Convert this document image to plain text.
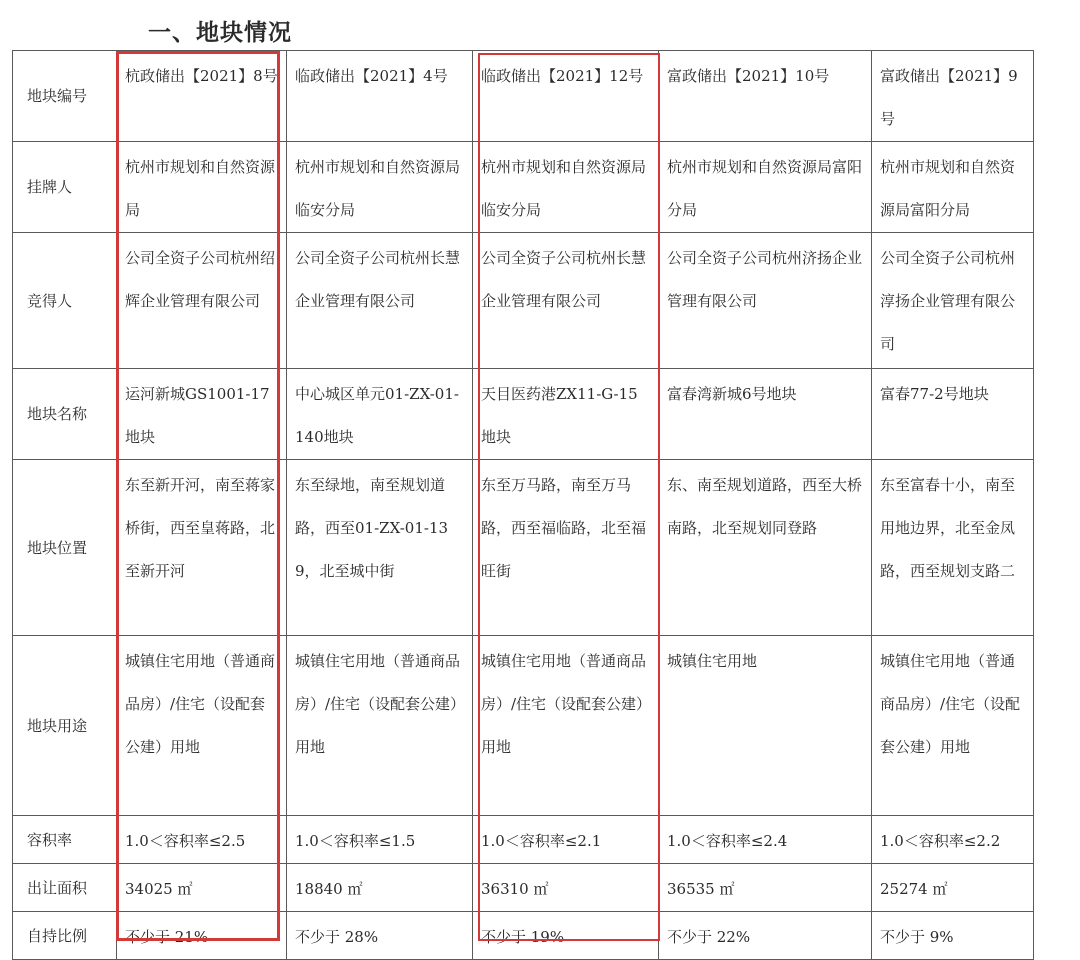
一、地块情况
地块编号	杭政储出【2021】8号	临政储出【2021】4号	临政储出【2021】12号	富政储出【2021】10号	富政储出【2021】9号
挂牌人	杭州市规划和自然资源局	杭州市规划和自然资源局临安分局	杭州市规划和自然资源局临安分局	杭州市规划和自然资源局富阳分局	杭州市规划和自然资源局富阳分局
竞得人	公司全资子公司杭州绍辉企业管理有限公司	公司全资子公司杭州长慧企业管理有限公司	公司全资子公司杭州长慧企业管理有限公司	公司全资子公司杭州济扬企业管理有限公司	公司全资子公司杭州淳扬企业管理有限公司
地块名称	运河新城GS1001-17地块	中心城区单元01-ZX-01-140地块	天目医药港ZX11-G-15地块	富春湾新城6号地块	富春77-2号地块
地块位置	东至新开河，南至蒋家桥街，西至皇蒋路，北至新开河	东至绿地，南至规划道路，西至01-ZX-01-139，北至城中街	东至万马路，南至万马路，西至福临路，北至福旺街	东、南至规划道路，西至大桥南路，北至规划同登路	东至富春十小，南至用地边界，北至金凤路，西至规划支路二
地块用途	城镇住宅用地（普通商品房）/住宅（设配套公建）用地	城镇住宅用地（普通商品房）/住宅（设配套公建）用地	城镇住宅用地（普通商品房）/住宅（设配套公建）用地	城镇住宅用地	城镇住宅用地（普通商品房）/住宅（设配套公建）用地
容积率	1.0＜容积率≤2.5	1.0＜容积率≤1.5	1.0＜容积率≤2.1	1.0＜容积率≤2.4	1.0＜容积率≤2.2
出让面积	34025 ㎡	18840 ㎡	36310 ㎡	36535 ㎡	25274 ㎡
自持比例	不少于 21%	不少于 28%	不少于 19%	不少于 22%	不少于 9%
